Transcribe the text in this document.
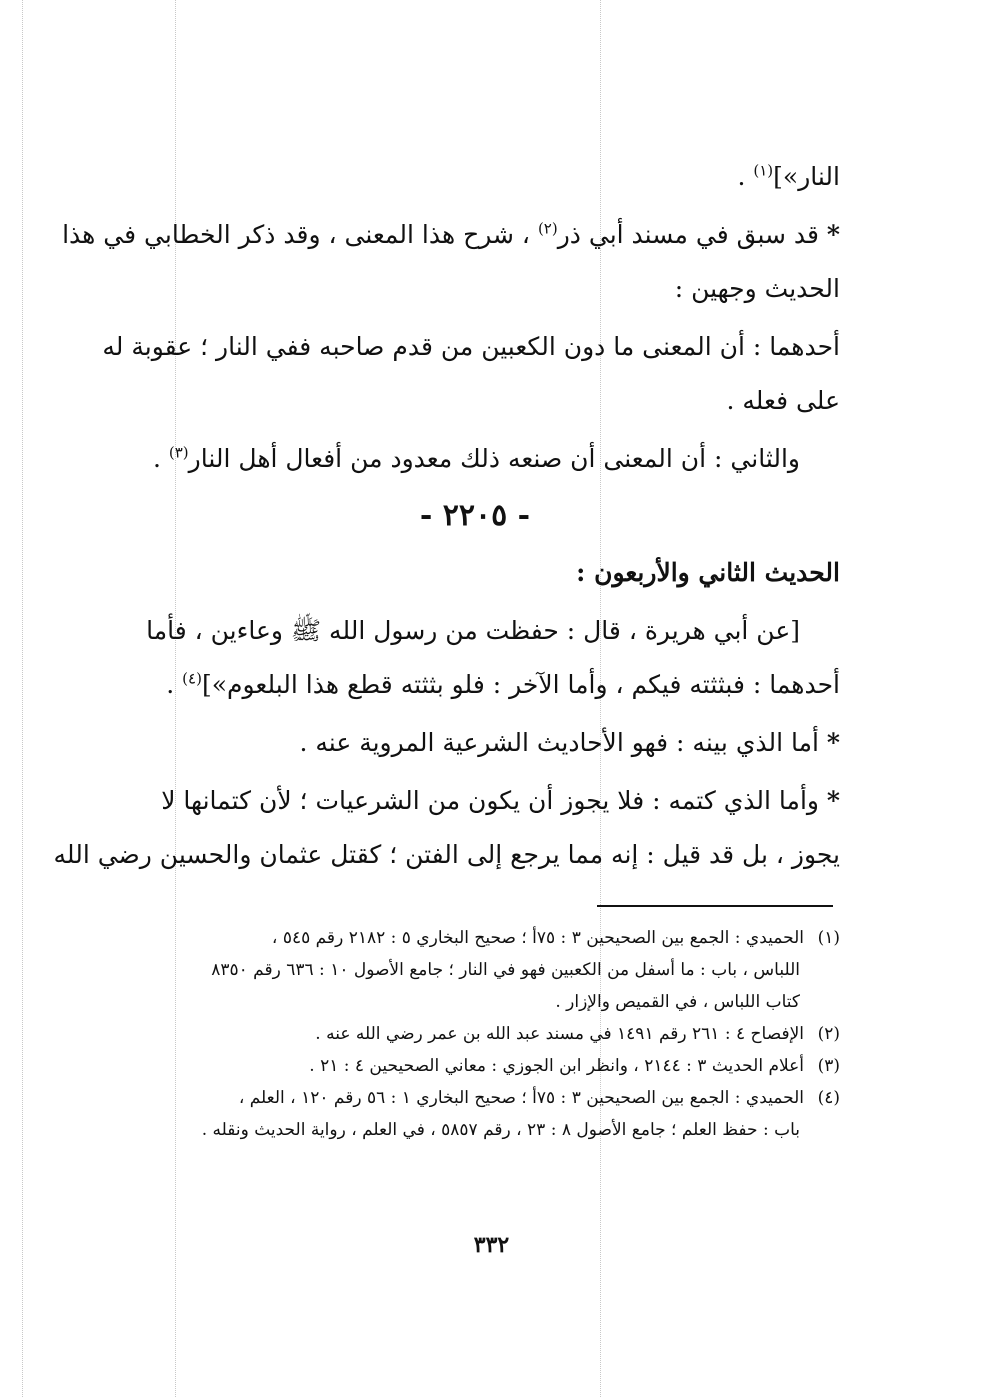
النار»]$^{(١)}$ .

* قد سبق في مسند أبي ذر$^{(٢)}$ ، شرح هذا المعنى ، وقد ذكر الخطابي في هذا

الحديث وجهين :

أحدهما : أن المعنى ما دون الكعبين من قدم صاحبه ففي النار ؛ عقوبة له

على فعله .

والثاني : أن المعنى أن صنعه ذلك معدود من أفعال أهل النار$^{(٣)}$ .

- ٢٢٠٥ -

الحديث الثاني والأربعون :

[عن أبي هريرة ، قال : حفظت من رسول الله ﷺ وعاءين ، فأما

أحدهما : فبثثته فيكم ، وأما الآخر : فلو بثثته قطع هذا البلعوم»]$^{(٤)}$ .

* أما الذي بينه : فهو الأحاديث الشرعية المروية عنه .

* وأما الذي كتمه : فلا يجوز أن يكون من الشرعيات ؛ لأن كتمانها لا

يجوز ، بل قد قيل : إنه مما يرجع إلى الفتن ؛ كقتل عثمان والحسين رضي الله

(١)الحميدي : الجمع بين الصحيحين ٣ : ٧٥أ ؛ صحيح البخاري ٥ : ٢١٨٢ رقم ٥٤٥ ،
اللباس ، باب : ما أسفل من الكعبين فهو في النار ؛ جامع الأصول ١٠ : ٦٣٦ رقم ٨٣٥٠
كتاب اللباس ، في القميص والإزار .
(٢)الإفصاح ٤ : ٢٦١ رقم ١٤٩١ في مسند عبد الله بن عمر رضي الله عنه .
(٣)أعلام الحديث ٣ : ٢١٤٤ ، وانظر ابن الجوزي : معاني الصحيحين ٤ : ٢١ .
(٤)الحميدي : الجمع بين الصحيحين ٣ : ٧٥أ ؛ صحيح البخاري ١ : ٥٦ رقم ١٢٠ ، العلم ،
باب : حفظ العلم ؛ جامع الأصول ٨ : ٢٣ ، رقم ٥٨٥٧ ، في العلم ، رواية الحديث ونقله .
٣٣٢
